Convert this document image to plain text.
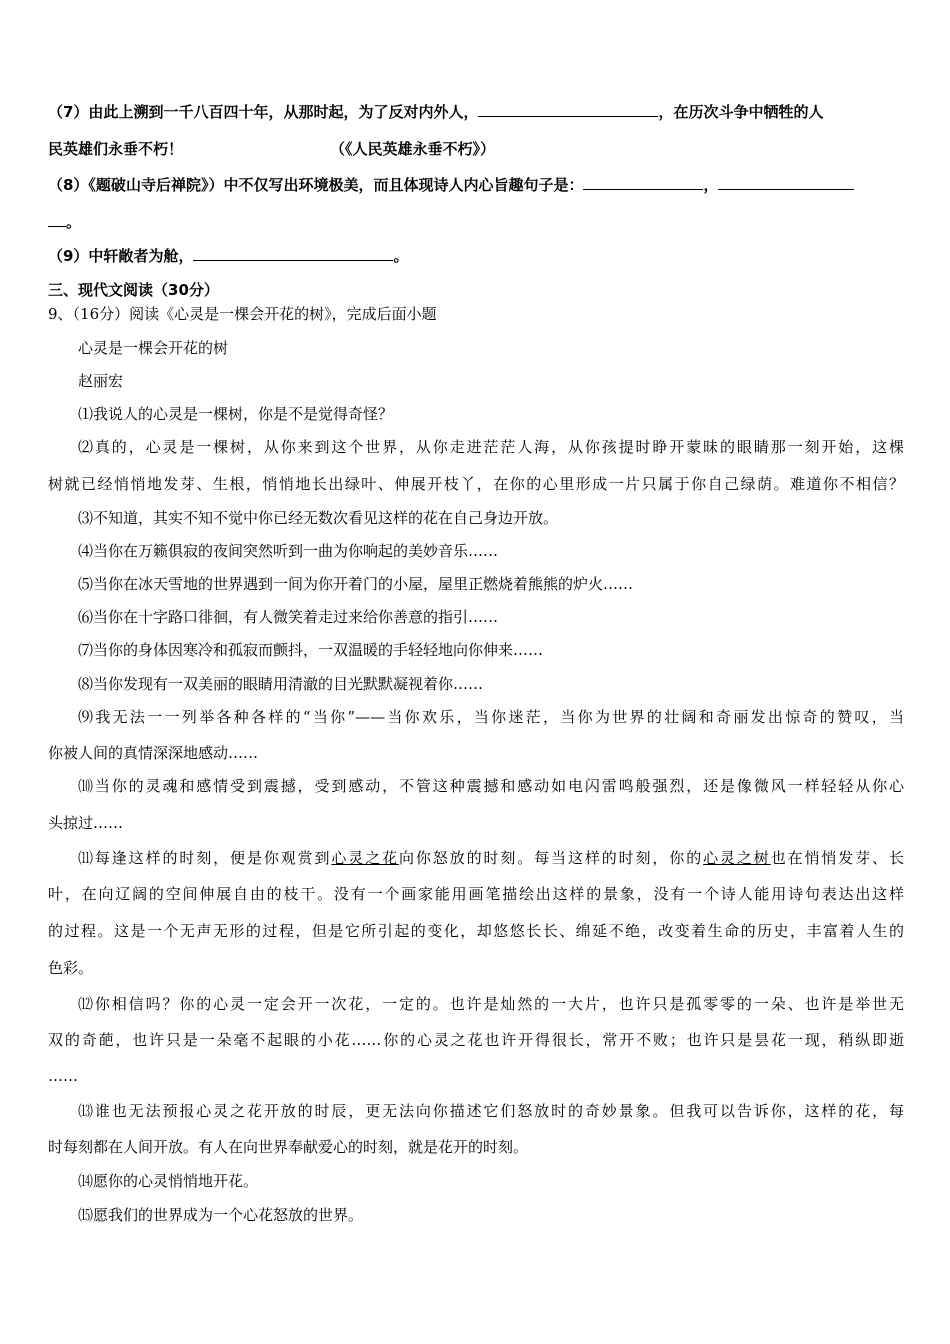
（7）由此上溯到一千八百四十年，从那时起，为了反对内外人，	，在历次斗争中牺牲的人
民英雄们永垂不朽！	（《人民英雄永垂不朽》）
（8）《题破山寺后禅院》）中不仅写出环境极美，而且体现诗人内心旨趣句子是：	，
。
（9）中轩敞者为舱，	。
三、现代文阅读（30分）
9、（16分）阅读《心灵是一棵会开花的树》，完成后面小题
心灵是一棵会开花的树
赵丽宏
⑴我说人的心灵是一棵树，你是不是觉得奇怪？
⑵真的，心灵是一棵树，从你来到这个世界，从你走进茫茫人海，从你孩提时睁开蒙昧的眼睛那一刻开始，这棵
树就已经悄悄地发芽、生根，悄悄地长出绿叶、伸展开枝丫，在你的心里形成一片只属于你自己绿荫。难道你不相信？
⑶不知道，其实不知不觉中你已经无数次看见这样的花在自己身边开放。
⑷当你在万籁俱寂的夜间突然听到一曲为你响起的美妙音乐……
⑸当你在冰天雪地的世界遇到一间为你开着门的小屋，屋里正燃烧着熊熊的炉火……
⑹当你在十字路口徘徊，有人微笑着走过来给你善意的指引……
⑺当你的身体因寒冷和孤寂而颤抖，一双温暖的手轻轻地向你伸来……
⑻当你发现有一双美丽的眼睛用清澈的目光默默凝视着你……
⑼我无法一一列举各种各样的“当你”——当你欢乐，当你迷茫，当你为世界的壮阔和奇丽发出惊奇的赞叹，当
你被人间的真情深深地感动……
⑽当你的灵魂和感情受到震撼，受到感动，不管这种震撼和感动如电闪雷鸣般强烈，还是像微风一样轻轻从你心
头掠过……
⑾每逢这样的时刻，便是你观赏到心灵之花向你怒放的时刻。每当这样的时刻，你的心灵之树也在悄悄发芽、长
叶，在向辽阔的空间伸展自由的枝干。没有一个画家能用画笔描绘出这样的景象，没有一个诗人能用诗句表达出这样
的过程。这是一个无声无形的过程，但是它所引起的变化，却悠悠长长、绵延不绝，改变着生命的历史，丰富着人生的
色彩。
⑿你相信吗？你的心灵一定会开一次花，一定的。也许是灿然的一大片，也许只是孤零零的一朵、也许是举世无
双的奇葩，也许只是一朵毫不起眼的小花……你的心灵之花也许开得很长，常开不败；也许只是昙花一现，稍纵即逝
……
⒀谁也无法预报心灵之花开放的时辰，更无法向你描述它们怒放时的奇妙景象。但我可以告诉你，这样的花，每
时每刻都在人间开放。有人在向世界奉献爱心的时刻，就是花开的时刻。
⒁愿你的心灵悄悄地开花。
⒂愿我们的世界成为一个心花怒放的世界。
